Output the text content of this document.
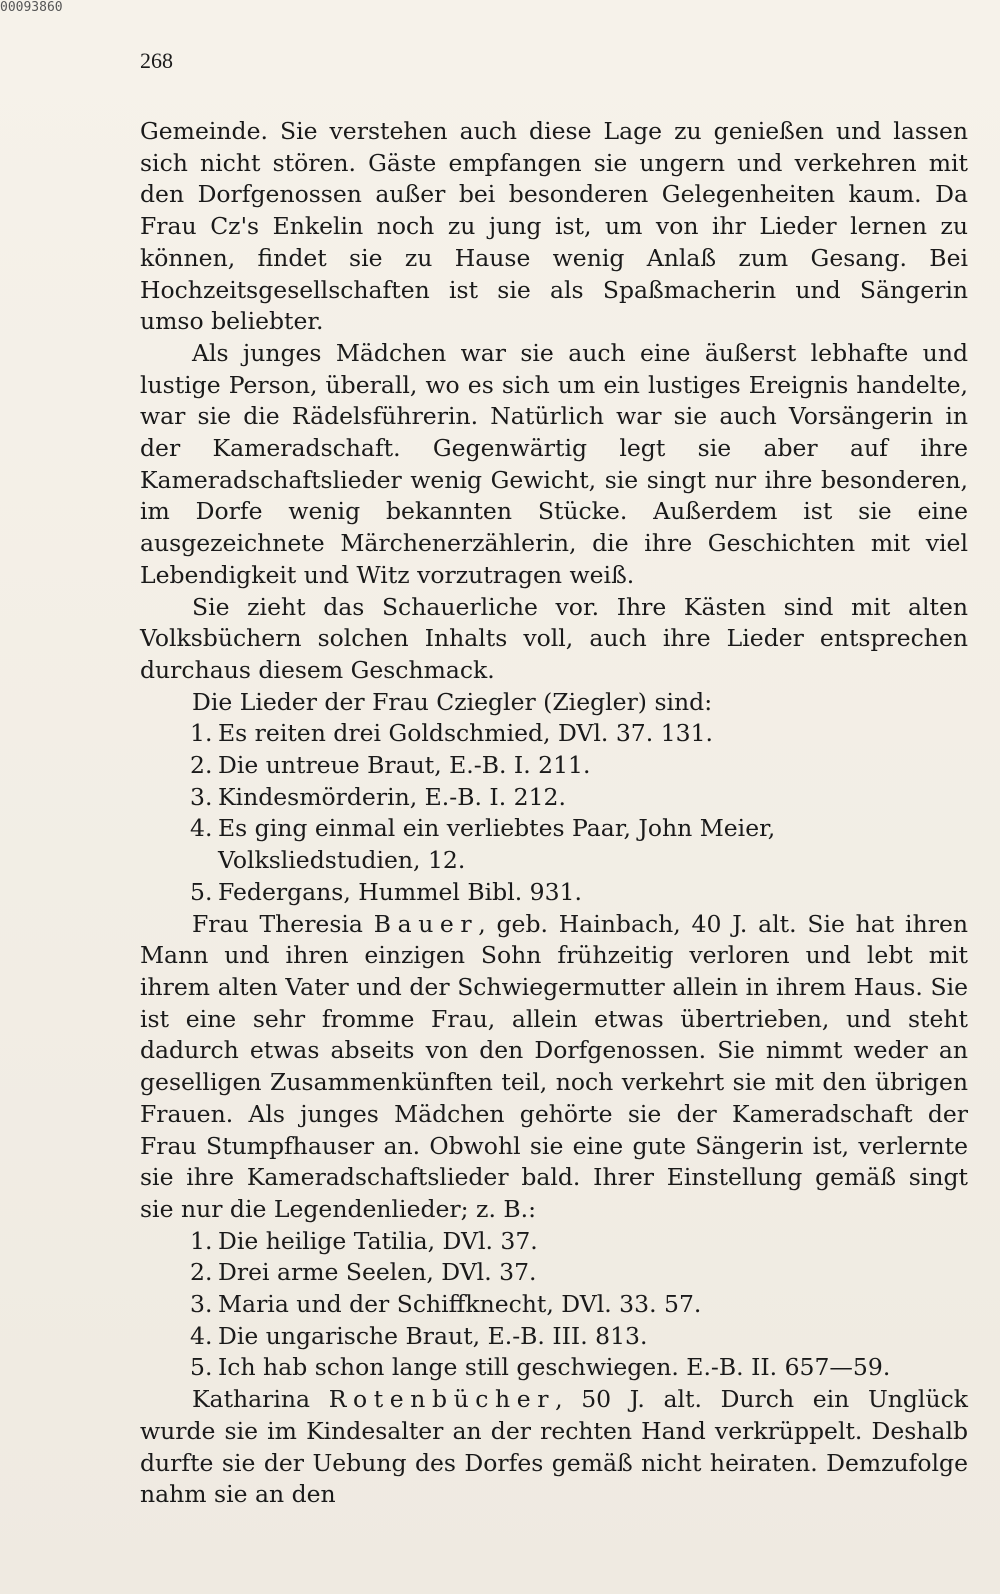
00093860
268

Gemeinde. Sie verstehen auch diese Lage zu genießen und lassen sich nicht stören. Gäste empfangen sie ungern und verkehren mit den Dorfgenossen außer bei besonderen Gelegenheiten kaum. Da Frau Cz's Enkelin noch zu jung ist, um von ihr Lieder lernen zu können, findet sie zu Hause wenig Anlaß zum Gesang. Bei Hochzeitsgesellschaften ist sie als Spaßmacherin und Sängerin umso beliebter.

Als junges Mädchen war sie auch eine äußerst lebhafte und lustige Person, überall, wo es sich um ein lustiges Ereignis handelte, war sie die Rädelsführerin. Natürlich war sie auch Vorsängerin in der Kameradschaft. Gegenwärtig legt sie aber auf ihre Kameradschaftslieder wenig Gewicht, sie singt nur ihre besonderen, im Dorfe wenig bekannten Stücke. Außerdem ist sie eine ausgezeichnete Märchenerzählerin, die ihre Geschichten mit viel Lebendigkeit und Witz vorzutragen weiß.

Sie zieht das Schauerliche vor. Ihre Kästen sind mit alten Volksbüchern solchen Inhalts voll, auch ihre Lieder entsprechen durchaus diesem Geschmack.

Die Lieder der Frau Cziegler (Ziegler) sind:

1. Es reiten drei Goldschmied, DVl. 37. 131.
2. Die untreue Braut, E.-B. I. 211.
3. Kindesmörderin, E.-B. I. 212.
4. Es ging einmal ein verliebtes Paar, John Meier, Volksliedstudien, 12.
5. Federgans, Hummel Bibl. 931.

Frau Theresia Bauer, geb. Hainbach, 40 J. alt. Sie hat ihren Mann und ihren einzigen Sohn frühzeitig verloren und lebt mit ihrem alten Vater und der Schwiegermutter allein in ihrem Haus. Sie ist eine sehr fromme Frau, allein etwas übertrieben, und steht dadurch etwas abseits von den Dorfgenossen. Sie nimmt weder an geselligen Zusammenkünften teil, noch verkehrt sie mit den übrigen Frauen. Als junges Mädchen gehörte sie der Kameradschaft der Frau Stumpfhauser an. Obwohl sie eine gute Sängerin ist, verlernte sie ihre Kameradschaftslieder bald. Ihrer Einstellung gemäß singt sie nur die Legendenlieder; z. B.:

1. Die heilige Tatilia, DVl. 37.
2. Drei arme Seelen, DVl. 37.
3. Maria und der Schiffknecht, DVl. 33. 57.
4. Die ungarische Braut, E.-B. III. 813.
5. Ich hab schon lange still geschwiegen. E.-B. II. 657—59.

Katharina Rotenbücher, 50 J. alt. Durch ein Unglück wurde sie im Kindesalter an der rechten Hand verkrüppelt. Deshalb durfte sie der Uebung des Dorfes gemäß nicht heiraten. Demzufolge nahm sie an den
